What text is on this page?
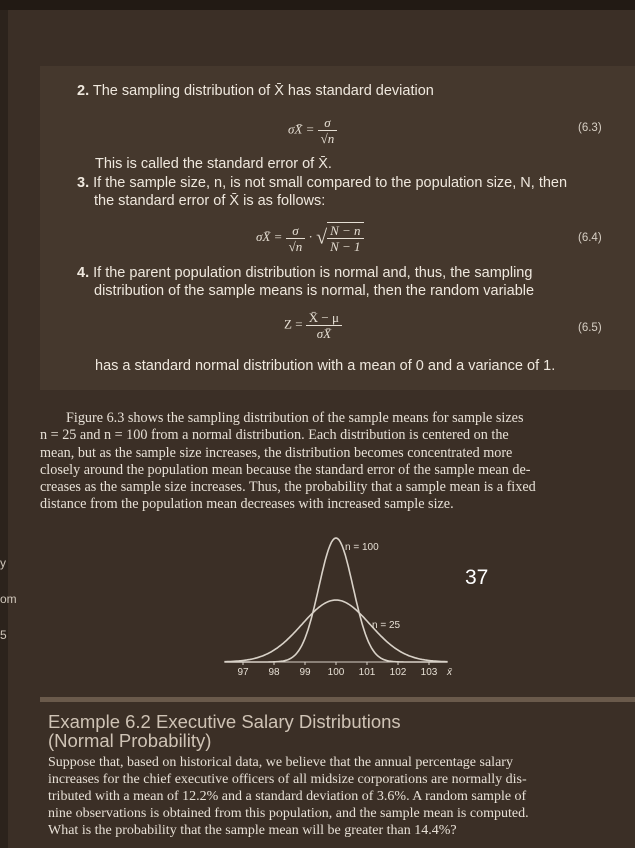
2. The sampling distribution of X̄ has standard deviation
σX̄ = $\frac{\sigma}{√n}$	(6.3)
This is called the standard error of X̄.
3. If the sample size, n, is not small compared to the population size, N, then
the standard error of X̄ is as follows:
σX̄ = $\frac{\sigma}{√n}$ · √ $\frac{N - n}{N - 1}$	(6.4)
4. If the parent population distribution is normal and, thus, the sampling
distribution of the sample means is normal, then the random variable
$Z = \frac{X̄ - \mu}{\sigma X̄}$	(6.5)
has a standard normal distribution with a mean of 0 and a variance of 1.
Figure 6.3 shows the sampling distribution of the sample means for sample sizes
n = 25 and n = 100 from a normal distribution. Each distribution is centered on the
mean, but as the sample size increases, the distribution becomes concentrated more
closely around the population mean because the standard error of the sample mean de-
creases as the sample size increases. Thus, the probability that a sample mean is a fixed
distance from the population mean decreases with increased sample size.
97 98 99 100 101 102 103
n = 100
n = 25
x̄
37
y
om
5
Example 6.2 Executive Salary Distributions
(Normal Probability)
Suppose that, based on historical data, we believe that the annual percentage salary
increases for the chief executive officers of all midsize corporations are normally dis-
tributed with a mean of 12.2% and a standard deviation of 3.6%. A random sample of
nine observations is obtained from this population, and the sample mean is computed.
What is the probability that the sample mean will be greater than 14.4%?
